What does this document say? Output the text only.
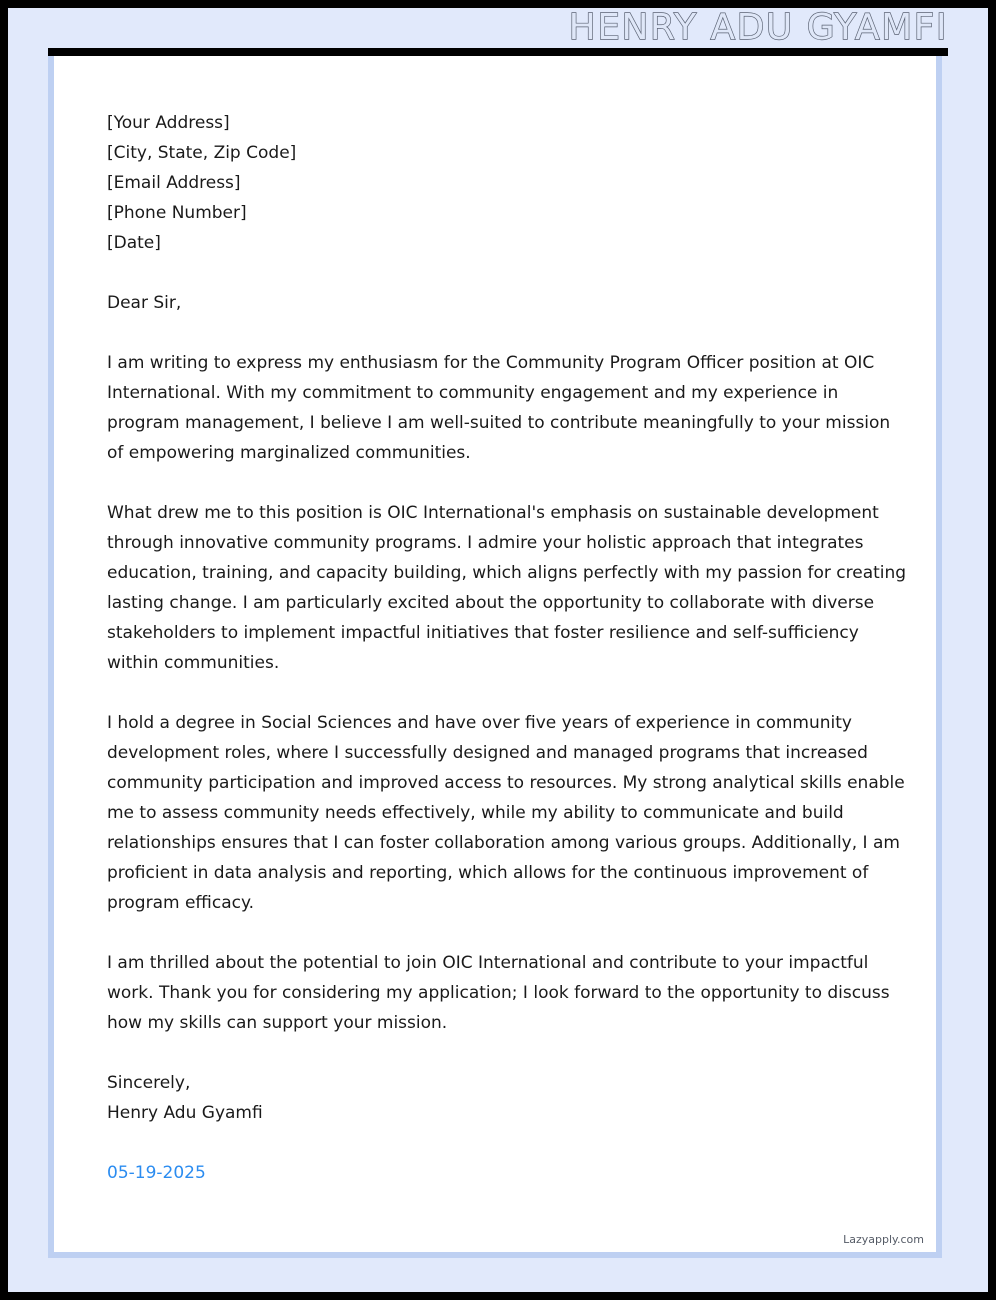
HENRY ADU GYAMFI
[Your Address]
[City, State, Zip Code]
[Email Address]
[Phone Number]
[Date]
Dear Sir,

I am writing to express my enthusiasm for the Community Program Officer position at OIC International. With my commitment to community engagement and my experience in program management, I believe I am well-suited to contribute meaningfully to your mission of empowering marginalized communities.

What drew me to this position is OIC International's emphasis on sustainable development through innovative community programs. I admire your holistic approach that integrates education, training, and capacity building, which aligns perfectly with my passion for creating lasting change. I am particularly excited about the opportunity to collaborate with diverse stakeholders to implement impactful initiatives that foster resilience and self-sufficiency within communities.

I hold a degree in Social Sciences and have over five years of experience in community development roles, where I successfully designed and managed programs that increased community participation and improved access to resources. My strong analytical skills enable me to assess community needs effectively, while my ability to communicate and build relationships ensures that I can foster collaboration among various groups. Additionally, I am proficient in data analysis and reporting, which allows for the continuous improvement of program efficacy.

I am thrilled about the potential to join OIC International and contribute to your impactful work. Thank you for considering my application; I look forward to the opportunity to discuss how my skills can support your mission.

Sincerely,
Henry Adu Gyamfi
05-19-2025
Lazyapply.com
